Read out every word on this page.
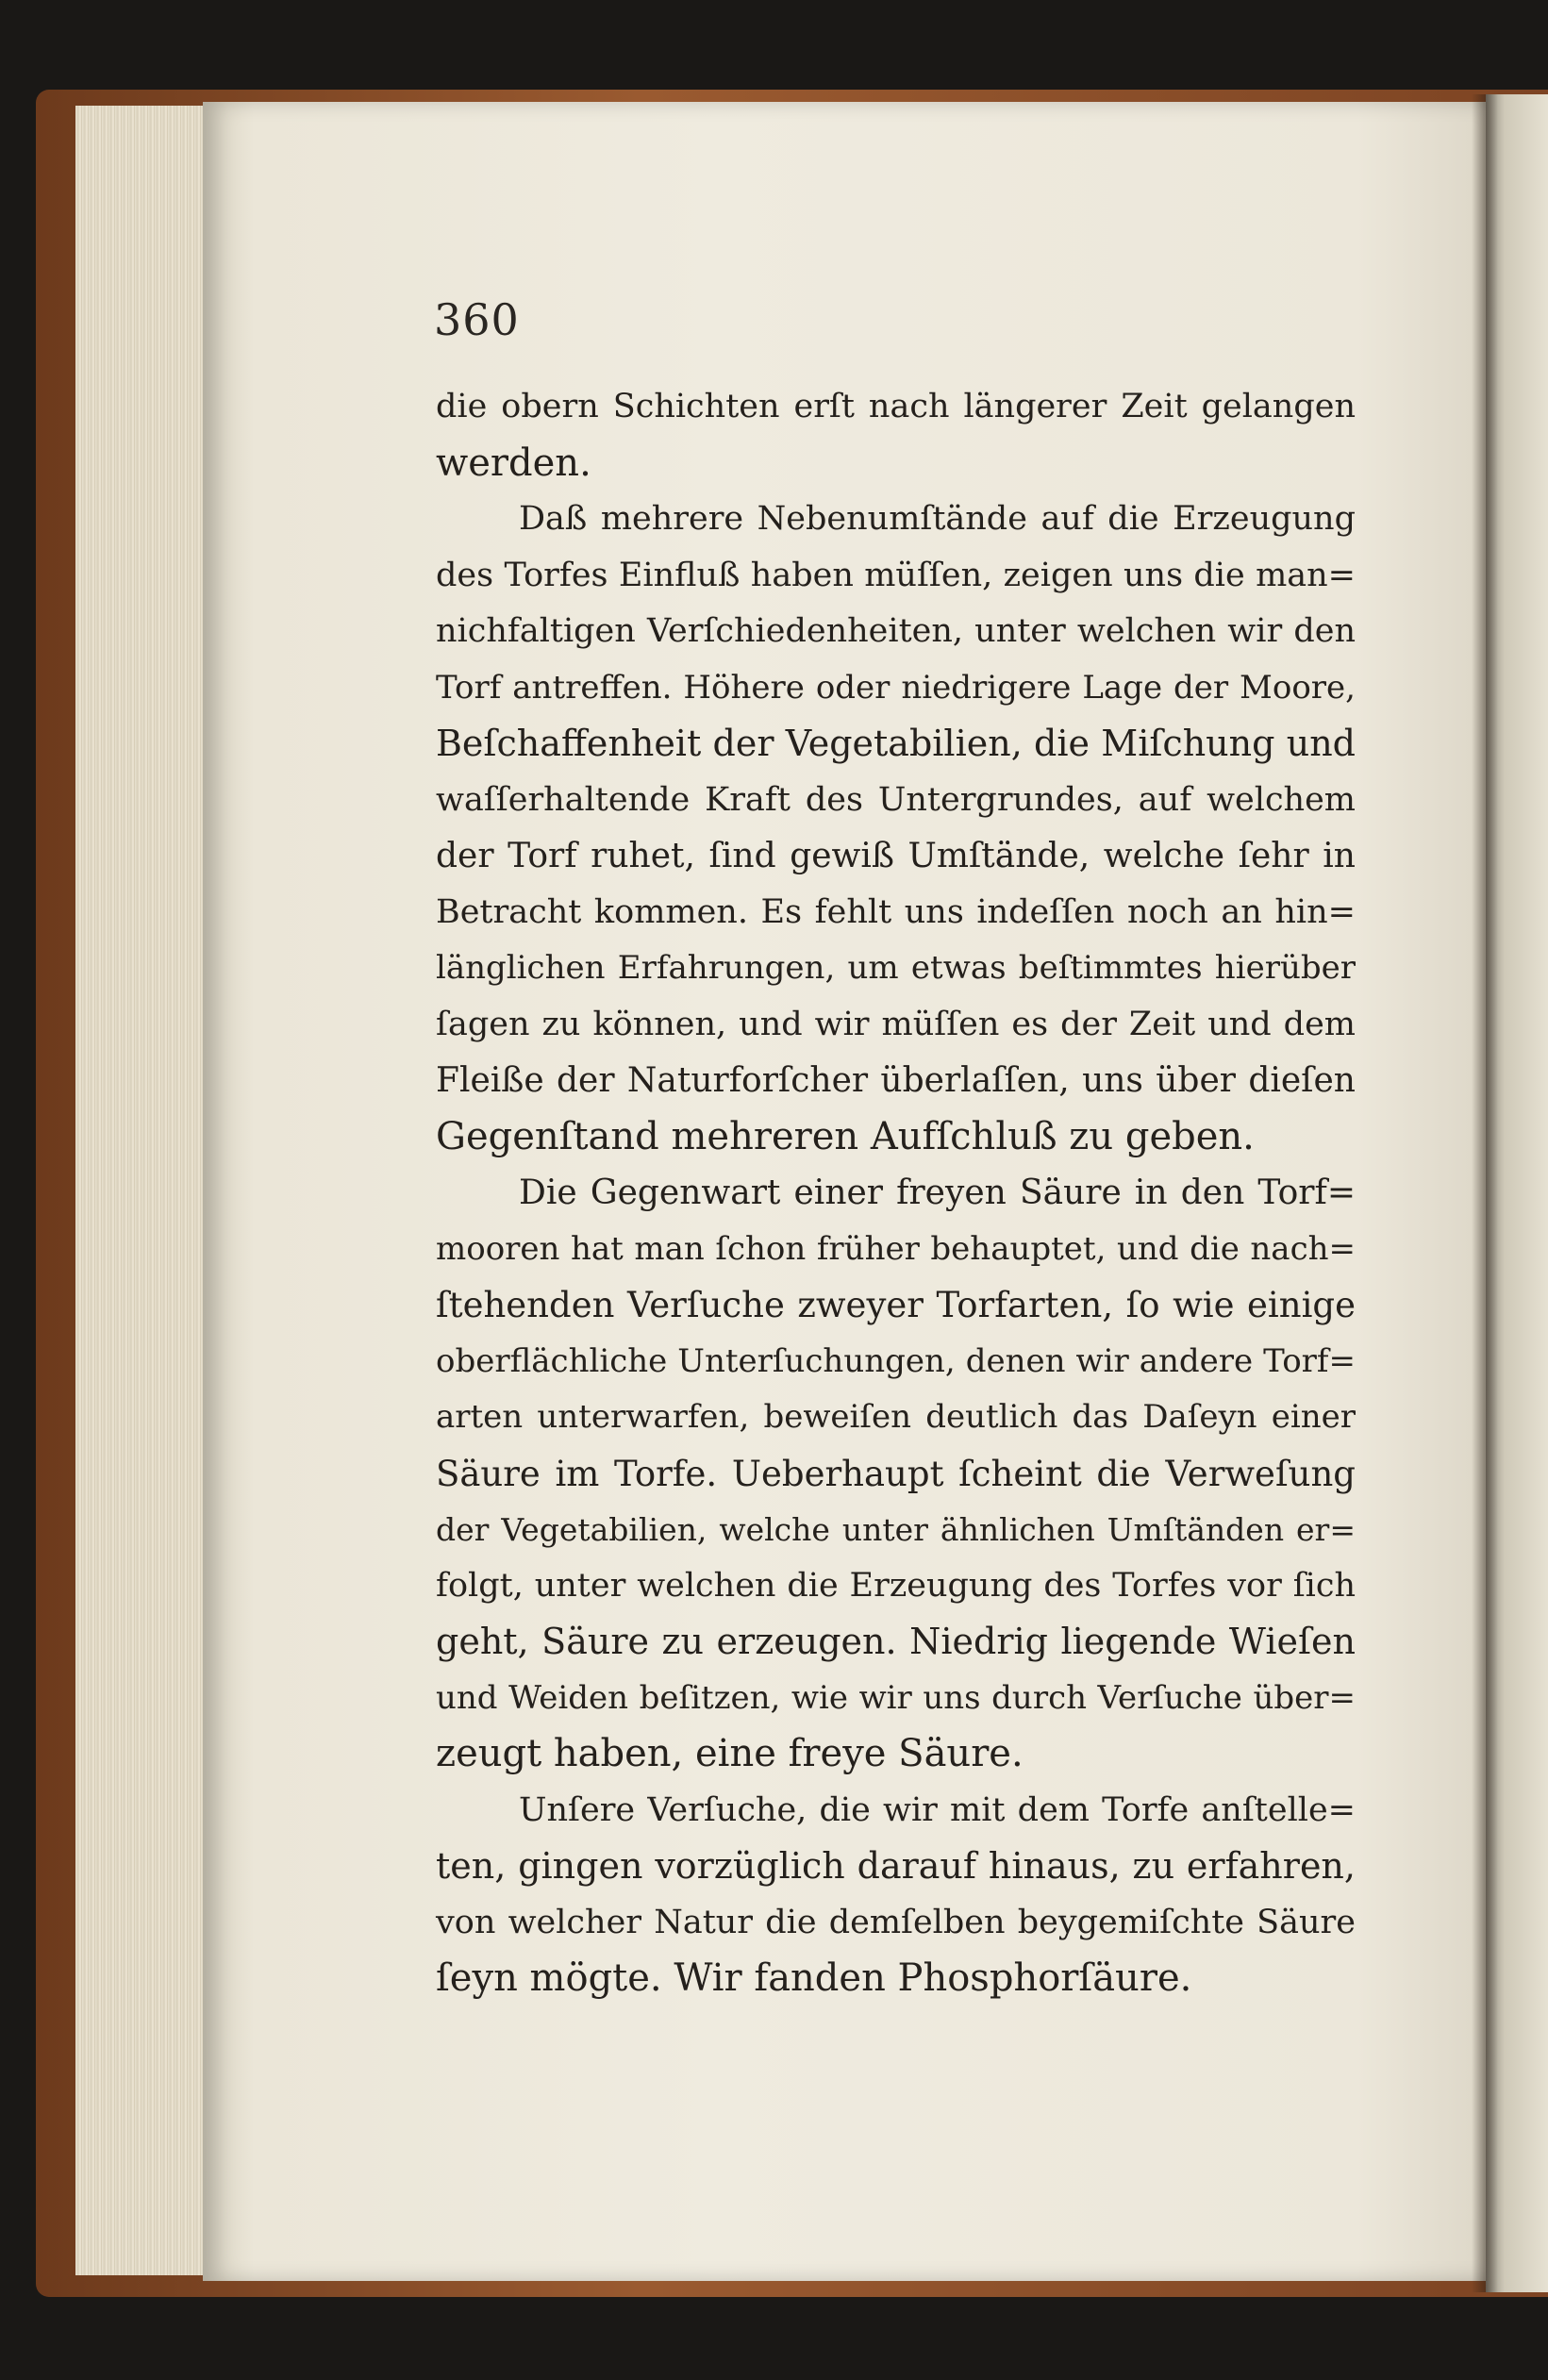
360
die obern Schichten erſt nach längerer Zeit gelangen
werden.
Daß mehrere Nebenumſtände auf die Erzeugung
des Torfes Einfluß haben müſſen, zeigen uns die man=
nichfaltigen Verſchiedenheiten, unter welchen wir den
Torf antreffen. Höhere oder niedrigere Lage der Moore,
Beſchaffenheit der Vegetabilien, die Miſchung und
waſſerhaltende Kraft des Untergrundes, auf welchem
der Torf ruhet, ſind gewiß Umſtände, welche ſehr in
Betracht kommen. Es fehlt uns indeſſen noch an hin=
länglichen Erfahrungen, um etwas beſtimmtes hierüber
ſagen zu können, und wir müſſen es der Zeit und dem
Fleiße der Naturforſcher überlaſſen, uns über dieſen
Gegenſtand mehreren Aufſchluß zu geben.
Die Gegenwart einer freyen Säure in den Torf=
mooren hat man ſchon früher behauptet, und die nach=
ſtehenden Verſuche zweyer Torfarten, ſo wie einige
oberflächliche Unterſuchungen, denen wir andere Torf=
arten unterwarfen, beweiſen deutlich das Daſeyn einer
Säure im Torfe. Ueberhaupt ſcheint die Verweſung
der Vegetabilien, welche unter ähnlichen Umſtänden er=
folgt, unter welchen die Erzeugung des Torfes vor ſich
geht, Säure zu erzeugen. Niedrig liegende Wieſen
und Weiden beſitzen, wie wir uns durch Verſuche über=
zeugt haben, eine freye Säure.
Unſere Verſuche, die wir mit dem Torfe anſtelle=
ten, gingen vorzüglich darauf hinaus, zu erfahren,
von welcher Natur die demſelben beygemiſchte Säure
ſeyn mögte. Wir fanden Phosphorſäure.
